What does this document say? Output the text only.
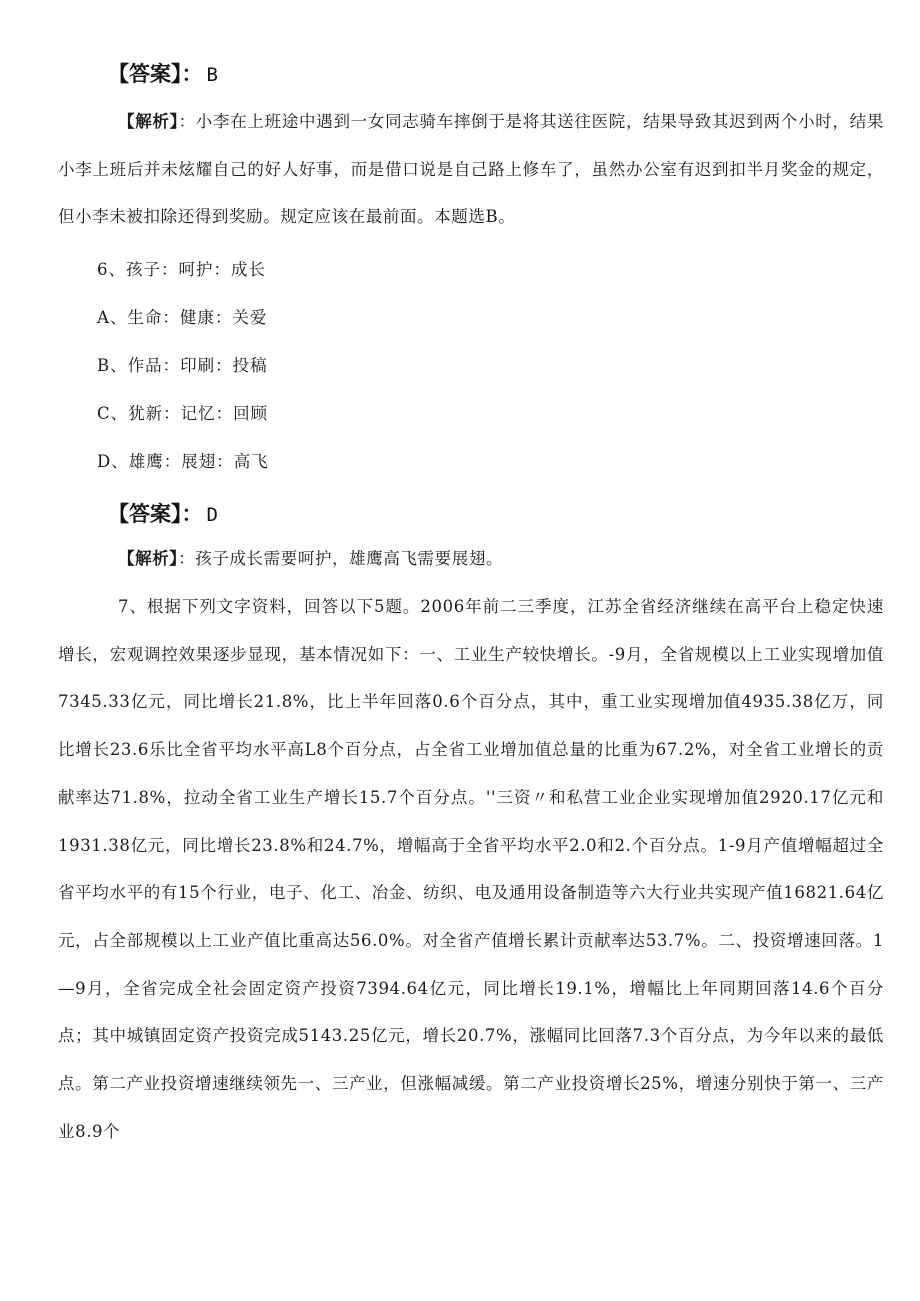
【答案】： B

【解析】：小李在上班途中遇到一女同志骑车摔倒于是将其送往医院，结果导致其迟到两个小时，结果小李上班后并未炫耀自己的好人好事，而是借口说是自己路上修车了，虽然办公室有迟到扣半月奖金的规定，但小李未被扣除还得到奖励。规定应该在最前面。本题选B。

6、孩子：呵护：成长

A、生命：健康：关爱

B、作品：印刷：投稿

C、犹新：记忆：回顾

D、雄鹰：展翅：高飞

【答案】： D

【解析】：孩子成长需要呵护，雄鹰高飞需要展翅。

7、根据下列文字资料，回答以下5题。2006年前二三季度，江苏全省经济继续在高平台上稳定快速增长，宏观调控效果逐步显现，基本情况如下：一、工业生产较快增长。-9月，全省规模以上工业实现增加值7345.33亿元，同比增长21.8%，比上半年回落0.6个百分点，其中，重工业实现增加值4935.38亿万，同比增长23.6乐比全省平均水平高L8个百分点，占全省工业增加值总量的比重为67.2%，对全省工业增长的贡献率达71.8%，拉动全省工业生产增长15.7个百分点。''三资〃和私营工业企业实现增加值2920.17亿元和1931.38亿元，同比增长23.8%和24.7%，增幅高于全省平均水平2.0和2.个百分点。1-9月产值增幅超过全省平均水平的有15个行业，电子、化工、冶金、纺织、电及通用设备制造等六大行业共实现产值16821.64亿元，占全部规模以上工业产值比重高达56.0%。对全省产值增长累计贡献率达53.7%。二、投资增速回落。1—9月，全省完成全社会固定资产投资7394.64亿元，同比增长19.1%，增幅比上年同期回落14.6个百分点；其中城镇固定资产投资完成5143.25亿元，增长20.7%，涨幅同比回落7.3个百分点，为今年以来的最低点。第二产业投资增速继续领先一、三产业，但涨幅减缓。第二产业投资增长25%，增速分别快于第一、三产业8.9个
